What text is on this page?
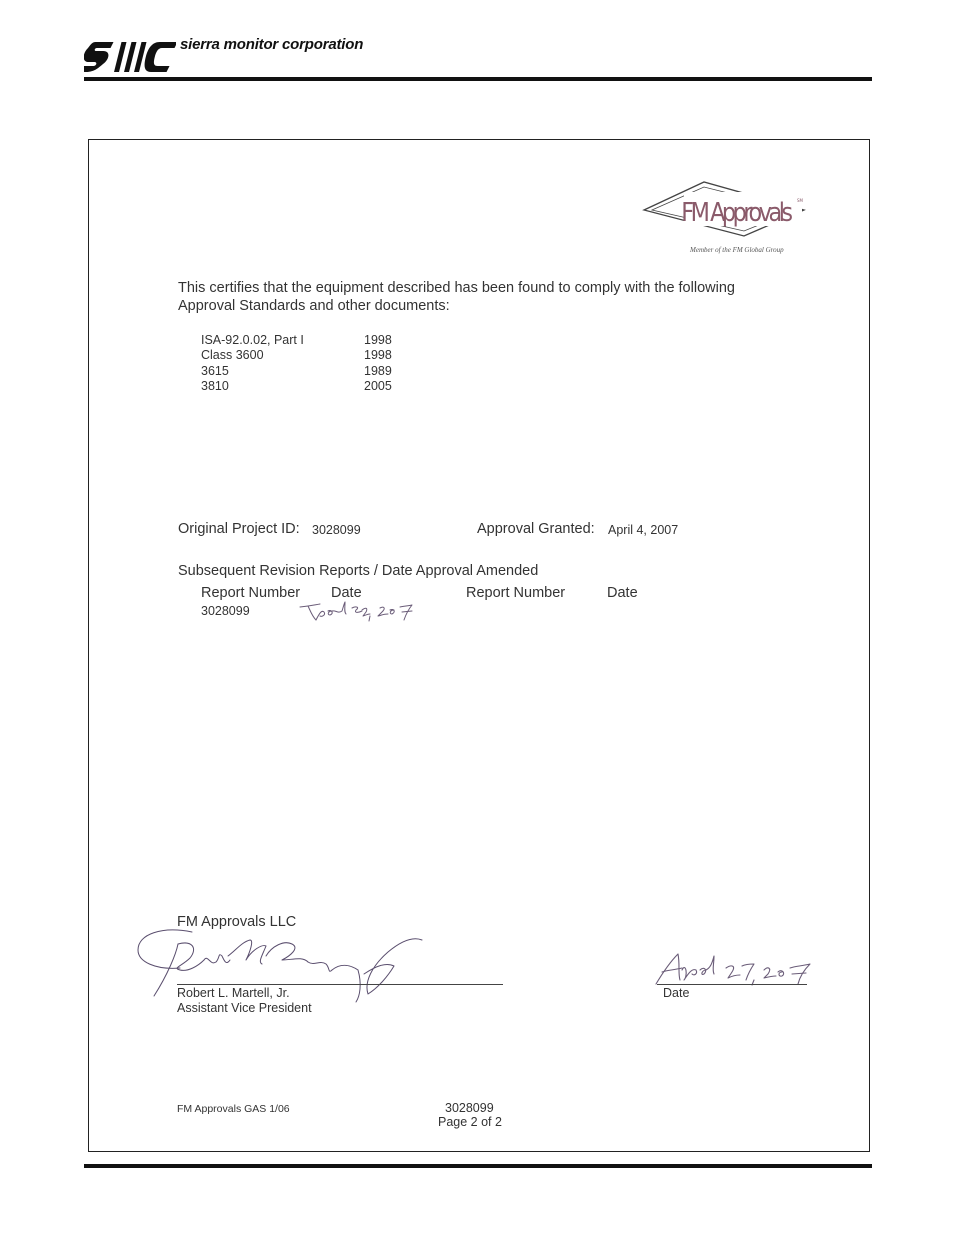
sierra monitor corporation
FM Approvals SM
Member of the FM Global Group
This certifies that the equipment described has been found to comply with the following
Approval Standards and other documents:
ISA-92.0.02, Part I	1998
Class 3600	1998
3615	1989
3810	2005
Original Project ID: 3028099	Approval Granted: April 4, 2007
Subsequent Revision Reports / Date Approval Amended
Report Number Date	Report Number	Date
3028099
FM Approvals LLC
Robert L. Martell, Jr.
Assistant Vice President
Date
FM Approvals GAS 1/06	3028099
Page 2 of 2
